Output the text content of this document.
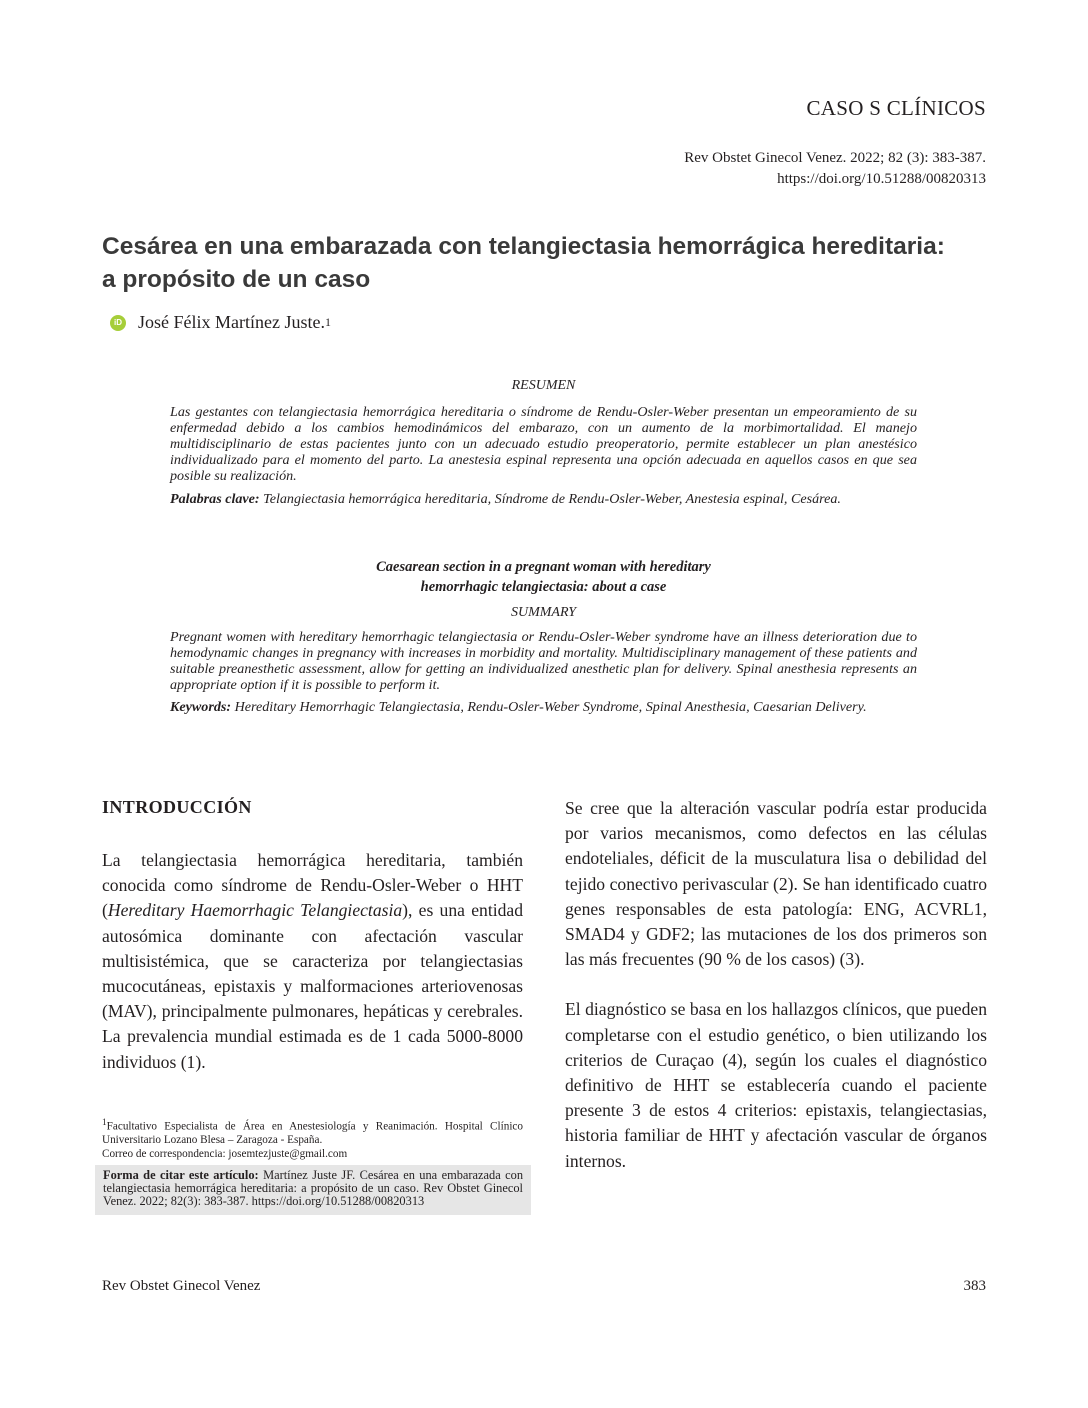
CASO S CLÍNICOS
Rev Obstet Ginecol Venez. 2022; 82 (3): 383-387.
https://doi.org/10.51288/00820313
Cesárea en una embarazada con telangiectasia hemorrágica hereditaria:
a propósito de un caso
iD José Félix Martínez Juste. 1
RESUMEN
Las gestantes con telangiectasia hemorrágica hereditaria o síndrome de Rendu-Osler-Weber presentan un empeoramiento de su enfermedad debido a los cambios hemodinámicos del embarazo, con un aumento de la morbimortalidad. El manejo multidisciplinario de estas pacientes junto con un adecuado estudio preoperatorio, permite establecer un plan anestésico individualizado para el momento del parto. La anestesia espinal representa una opción adecuada en aquellos casos en que sea posible su realización.
Palabras clave: Telangiectasia hemorrágica hereditaria, Síndrome de Rendu-Osler-Weber, Anestesia espinal, Cesárea.
Caesarean section in a pregnant woman with hereditary
hemorrhagic telangiectasia: about a case
SUMMARY
Pregnant women with hereditary hemorrhagic telangiectasia or Rendu-Osler-Weber syndrome have an illness deterioration due to hemodynamic changes in pregnancy with increases in morbidity and mortality. Multidisciplinary management of these patients and suitable preanesthetic assessment, allow for getting an individualized anesthetic plan for delivery. Spinal anesthesia represents an appropriate option if it is possible to perform it.
Keywords: Hereditary Hemorrhagic Telangiectasia, Rendu-Osler-Weber Syndrome, Spinal Anesthesia, Caesarian Delivery.
INTRODUCCIÓN

La telangiectasia hemorrágica hereditaria, también conocida como síndrome de Rendu-Osler-Weber o HHT (Hereditary Haemorrhagic Telangiectasia), es una entidad autosómica dominante con afectación vascular multisistémica, que se caracteriza por telangiectasias mucocutáneas, epistaxis y malformaciones arteriovenosas (MAV), principalmente pulmonares, hepáticas y cerebrales. La prevalencia mundial estimada es de 1 cada 5000-8000 individuos (1).

Se cree que la alteración vascular podría estar producida por varios mecanismos, como defectos en las células endoteliales, déficit de la musculatura lisa o debilidad del tejido conectivo perivascular (2). Se han identificado cuatro genes responsables de esta patología: ENG, ACVRL1, SMAD4 y GDF2; las mutaciones de los dos primeros son las más frecuentes (90 % de los casos) (3).

El diagnóstico se basa en los hallazgos clínicos, que pueden completarse con el estudio genético, o bien utilizando los criterios de Curaçao (4), según los cuales el diagnóstico definitivo de HHT se establecería cuando el paciente presente 3 de estos 4 criterios: epistaxis, telangiectasias, historia familiar de HHT y afectación vascular de órganos internos.

$^1$Facultativo Especialista de Área en Anestesiología y Reanimación. Hospital Clínico Universitario Lozano Blesa – Zaragoza - España.
Correo de correspondencia: josemtezjuste@gmail.com
Forma de citar este artículo: Martínez Juste JF. Cesárea en una embarazada con telangiectasia hemorrágica hereditaria: a propósito de un caso. Rev Obstet Ginecol Venez. 2022; 82(3): 383-387. https://doi.org/10.51288/00820313
Rev Obstet Ginecol Venez	383
